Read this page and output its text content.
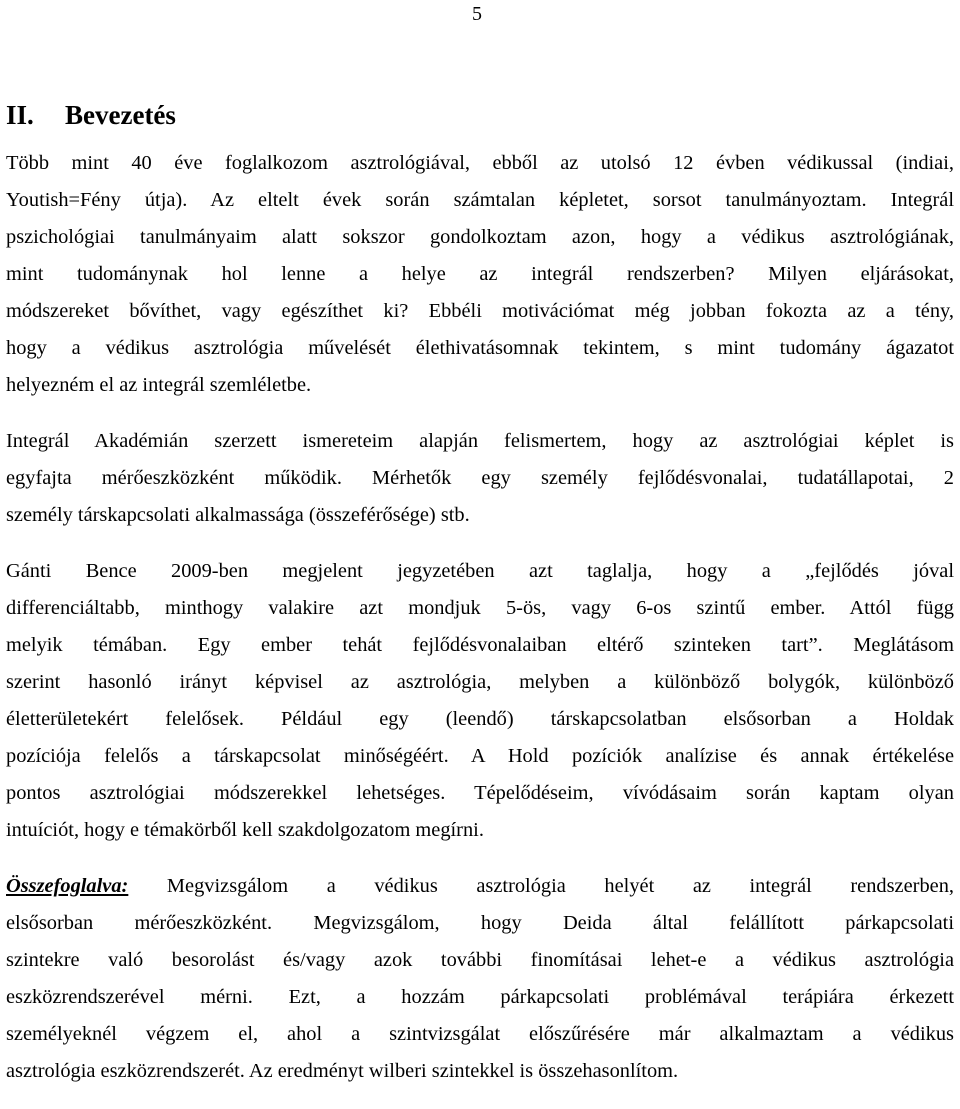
5
II. Bevezetés

Több mint 40 éve foglalkozom asztrológiával, ebből az utolsó 12 évben védikussal (indiai,
Youtish=Fény útja). Az eltelt évek során számtalan képletet, sorsot tanulmányoztam. Integrál
pszichológiai tanulmányaim alatt sokszor gondolkoztam azon, hogy a védikus asztrológiának,
mint tudománynak hol lenne a helye az integrál rendszerben? Milyen eljárásokat,
módszereket bővíthet, vagy egészíthet ki? Ebbéli motivációmat még jobban fokozta az a tény,
hogy a védikus asztrológia művelését élethivatásomnak tekintem, s mint tudomány ágazatot
helyezném el az integrál szemléletbe.

Integrál Akadémián szerzett ismereteim alapján felismertem, hogy az asztrológiai képlet is
egyfajta mérőeszközként működik. Mérhetők egy személy fejlődésvonalai, tudatállapotai, 2
személy társkapcsolati alkalmassága (összeférősége) stb.

Gánti Bence 2009-ben megjelent jegyzetében azt taglalja, hogy a „fejlődés jóval
differenciáltabb, minthogy valakire azt mondjuk 5-ös, vagy 6-os szintű ember. Attól függ
melyik témában. Egy ember tehát fejlődésvonalaiban eltérő szinteken tart”. Meglátásom
szerint hasonló irányt képvisel az asztrológia, melyben a különböző bolygók, különböző
életterületekért felelősek. Például egy (leendő) társkapcsolatban elsősorban a Holdak
pozíciója felelős a társkapcsolat minőségéért. A Hold pozíciók analízise és annak értékelése
pontos asztrológiai módszerekkel lehetséges. Tépelődéseim, vívódásaim során kaptam olyan
intuíciót, hogy e témakörből kell szakdolgozatom megírni.

Összefoglalva: Megvizsgálom a védikus asztrológia helyét az integrál rendszerben,
elsősorban mérőeszközként. Megvizsgálom, hogy Deida által felállított párkapcsolati
szintekre való besorolást és/vagy azok további finomításai lehet-e a védikus asztrológia
eszközrendszerével mérni. Ezt, a hozzám párkapcsolati problémával terápiára érkezett
személyeknél végzem el, ahol a szintvizsgálat előszűrésére már alkalmaztam a védikus
asztrológia eszközrendszerét. Az eredményt wilberi szintekkel is összehasonlítom.
